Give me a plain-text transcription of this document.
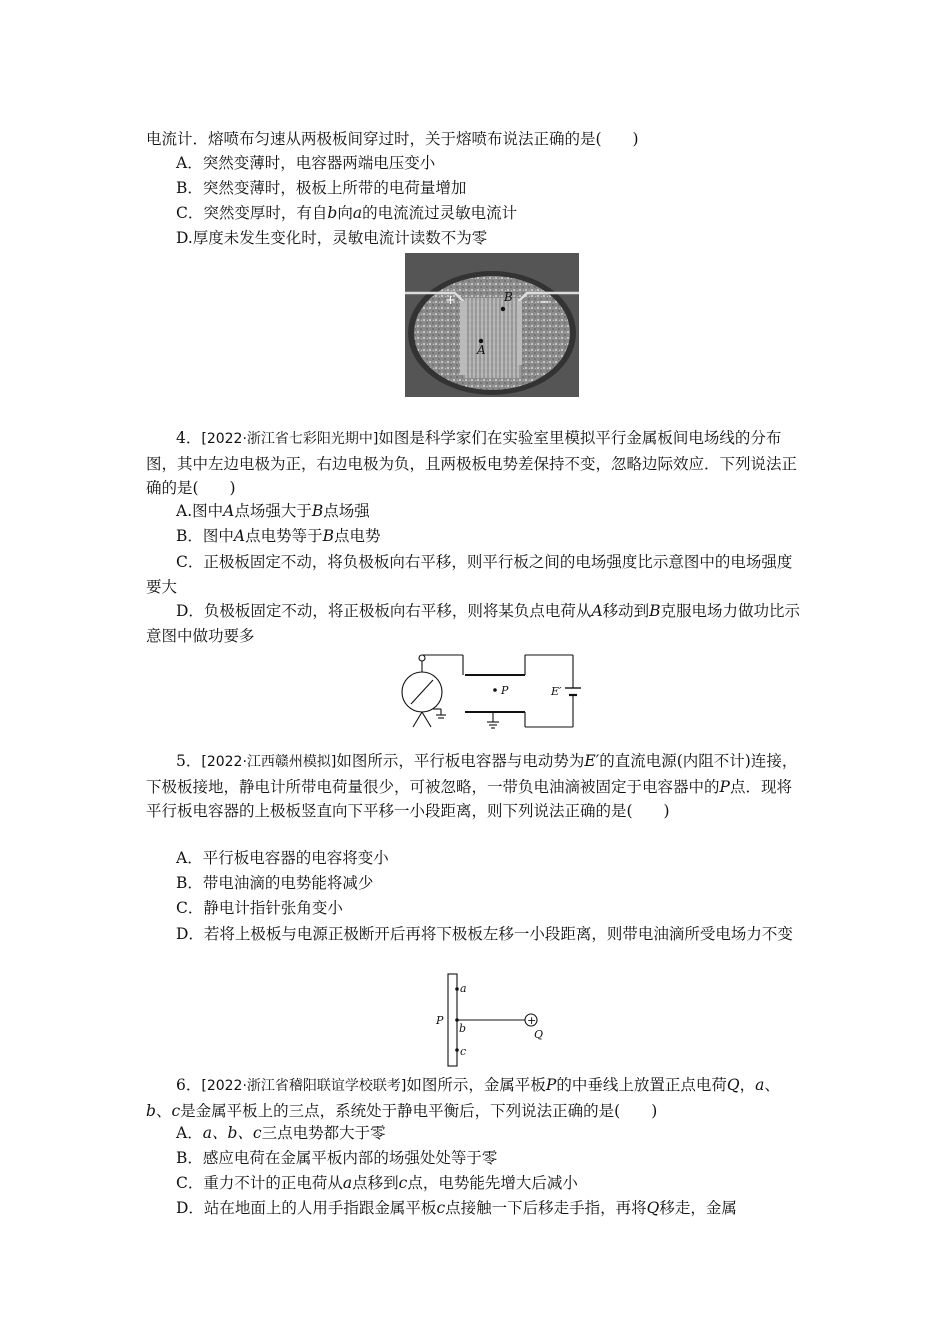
电流计．熔喷布匀速从两极板间穿过时，关于熔喷布说法正确的是(　　)
A．突然变薄时，电容器两端电压变小
B．突然变薄时，极板上所带的电荷量增加
C．突然变厚时，有自b向a的电流流过灵敏电流计
D.厚度未发生变化时，灵敏电流计读数不为零
+	−
B
A
4．[2022·浙江省七彩阳光期中]如图是科学家们在实验室里模拟平行金属板间电场线的分布图，其中左边电极为正，右边电极为负，且两极板电势差保持不变，忽略边际效应．下列说法正确的是(　　)
A.图中A点场强大于B点场强
B．图中A点电势等于B点电势
C．正极板固定不动，将负极板向右平移，则平行板之间的电场强度比示意图中的电场强度要大
D．负极板固定不动，将正极板向右平移，则将某负点电荷从A移动到B克服电场力做功比示意图中做功要多
P	E′
5．[2022·江西赣州模拟]如图所示，平行板电容器与电动势为E′的直流电源(内阻不计)连接，下极板接地，静电计所带电荷量很少，可被忽略，一带负电油滴被固定于电容器中的P点．现将平行板电容器的上极板竖直向下平移一小段距离，则下列说法正确的是(　　)
A．平行板电容器的电容将变小
B．带电油滴的电势能将减少
C．静电计指针张角变小
D．若将上极板与电源正极断开后再将下极板左移一小段距离，则带电油滴所受电场力不变
+
a
b
c
P
Q
6．[2022·浙江省稽阳联谊学校联考]如图所示，金属平板P的中垂线上放置正点电荷Q，a、b、c是金属平板上的三点，系统处于静电平衡后，下列说法正确的是(　　)
A．a、b、c三点电势都大于零
B．感应电荷在金属平板内部的场强处处等于零
C．重力不计的正电荷从a点移到c点，电势能先增大后减小
D．站在地面上的人用手指跟金属平板c点接触一下后移走手指，再将Q移走，金属
